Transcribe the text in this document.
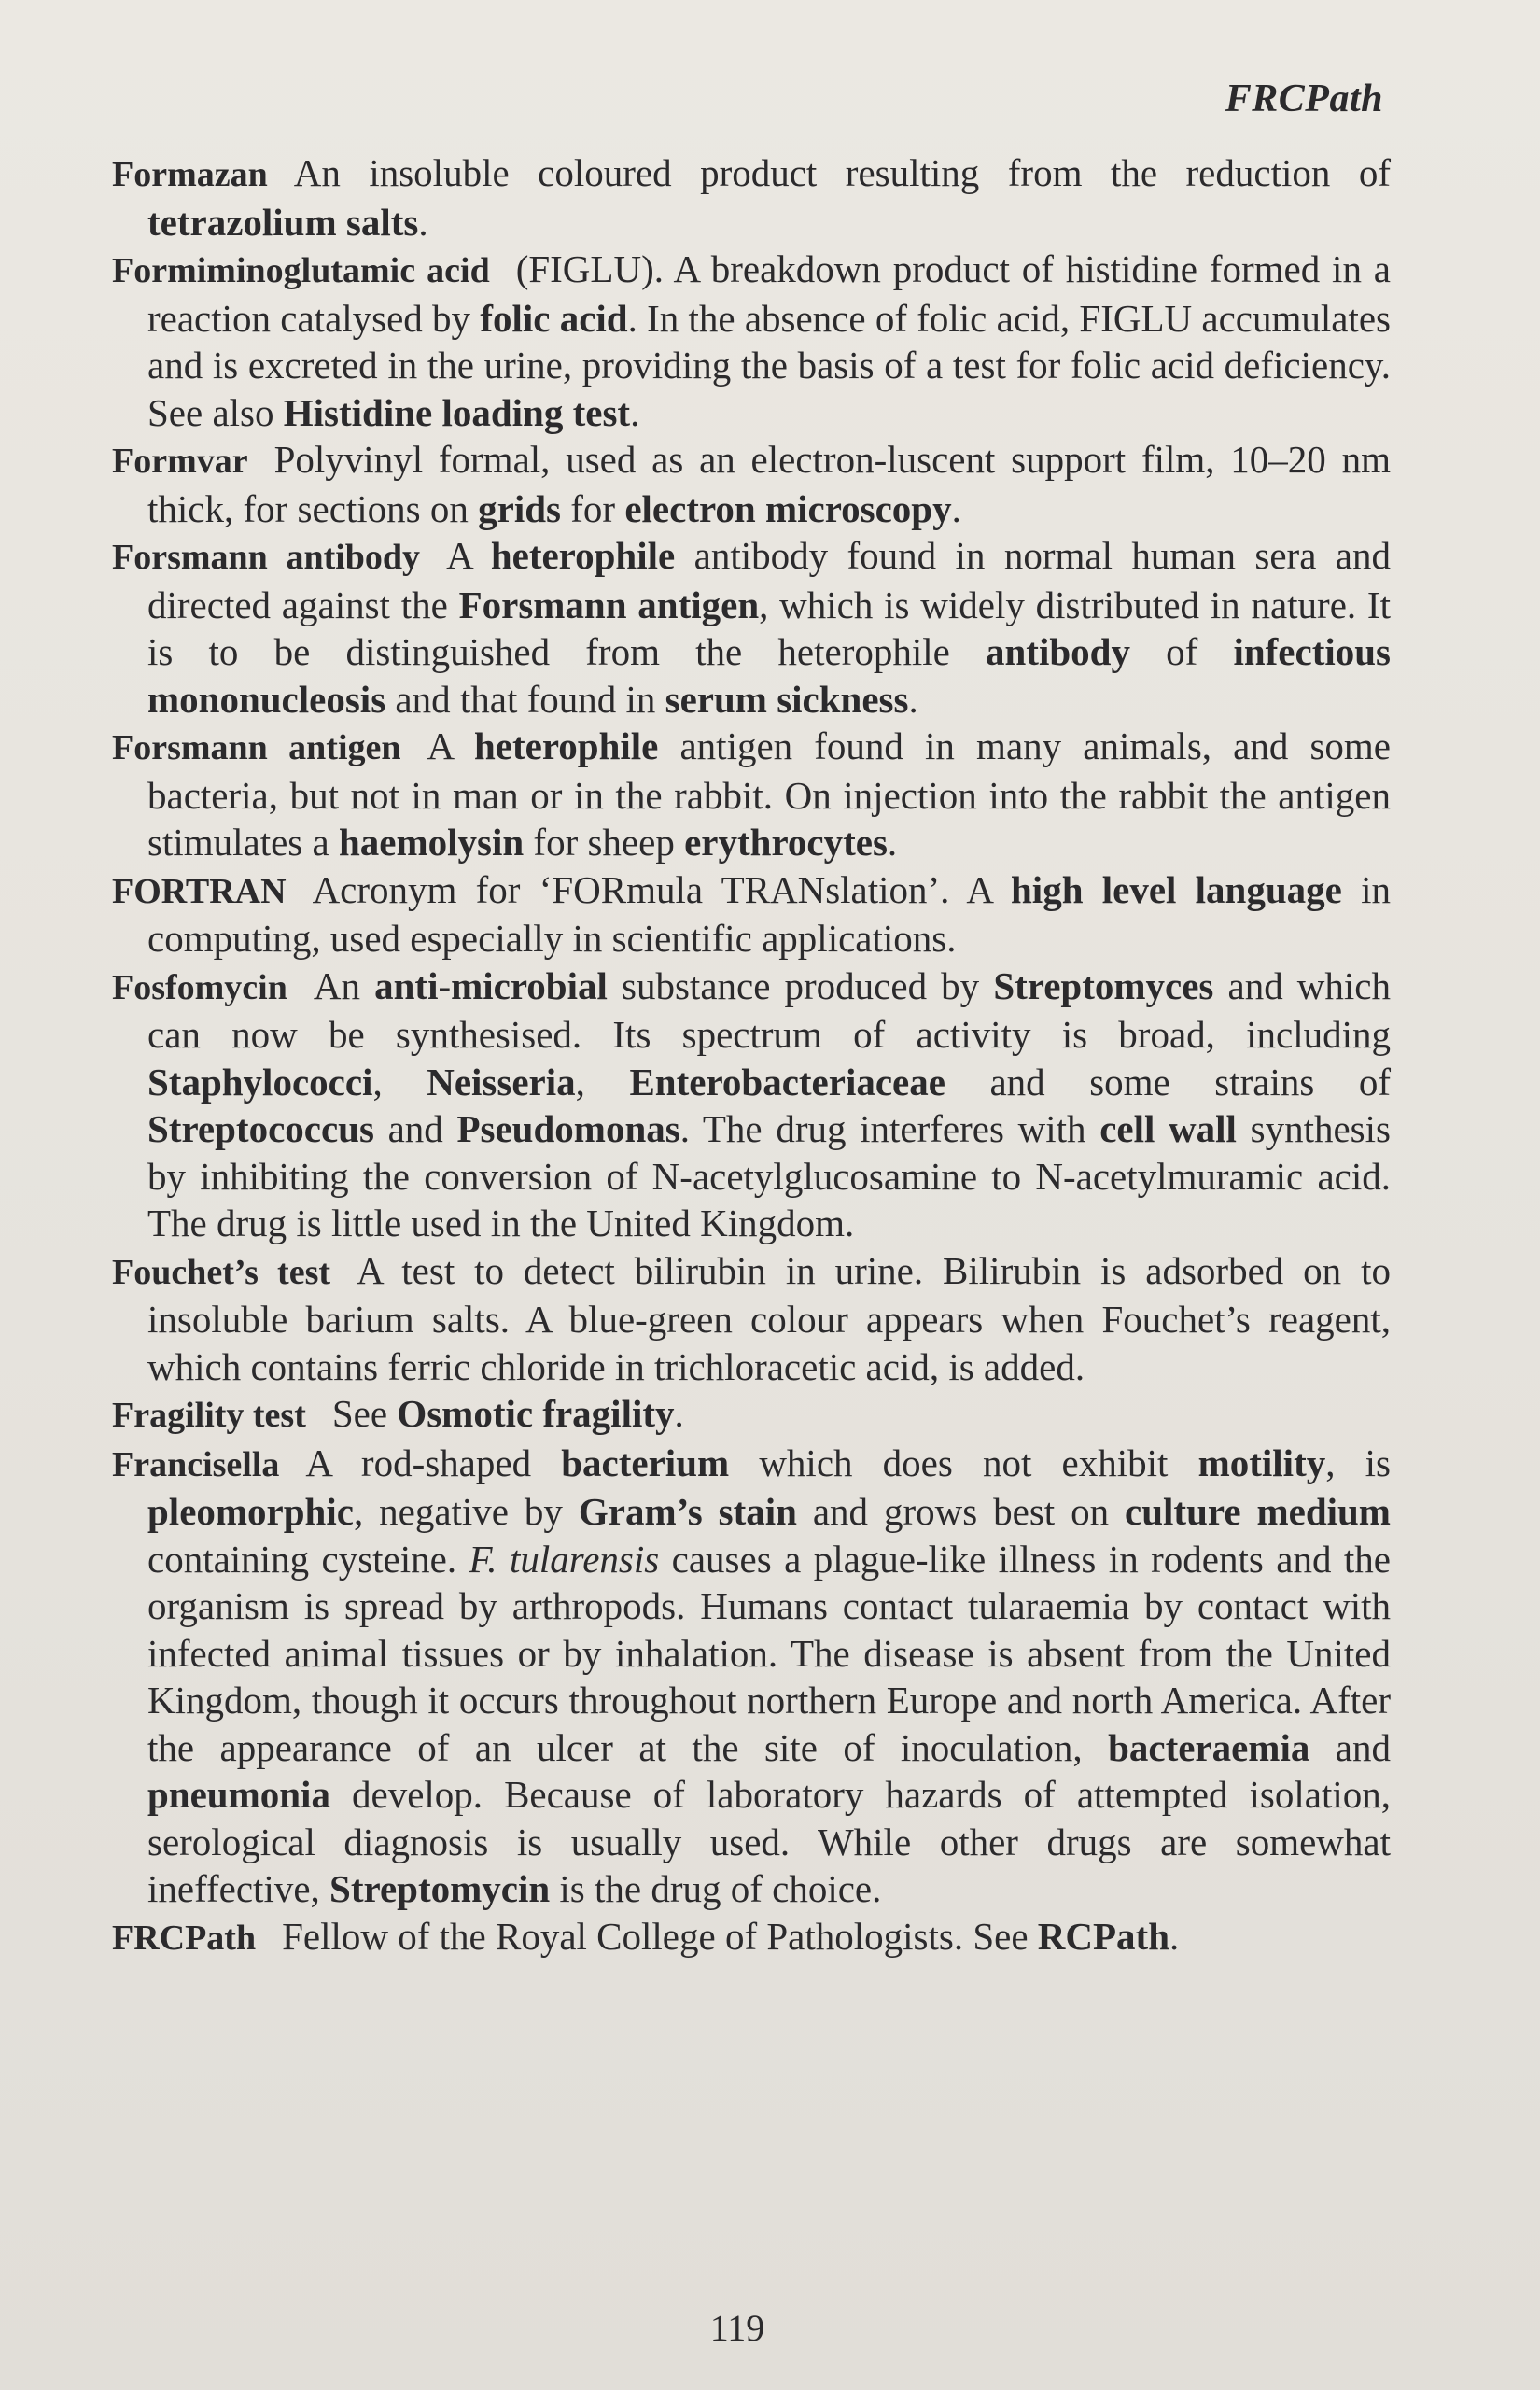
FRCPath

Formazan An insoluble coloured product resulting from the reduction of tetrazolium salts.

Formiminoglutamic acid (FIGLU). A breakdown product of histidine formed in a reaction catalysed by folic acid. In the absence of folic acid, FIGLU accumulates and is excreted in the urine, providing the basis of a test for folic acid deficiency. See also Histidine loading test.

Formvar Polyvinyl formal, used as an electron-luscent support film, 10–20 nm thick, for sections on grids for electron microscopy.

Forsmann antibody A heterophile antibody found in normal human sera and directed against the Forsmann antigen, which is widely distributed in nature. It is to be distinguished from the heterophile antibody of infectious mononucleosis and that found in serum sickness.

Forsmann antigen A heterophile antigen found in many animals, and some bacteria, but not in man or in the rabbit. On injection into the rabbit the antigen stimulates a haemolysin for sheep erythrocytes.

FORTRAN Acronym for ‘FORmula TRANslation’. A high level language in computing, used especially in scientific applications.

Fosfomycin An anti-microbial substance produced by Streptomyces and which can now be synthesised. Its spectrum of activity is broad, including Staphylococci, Neisseria, Enterobacteriaceae and some strains of Streptococcus and Pseudomonas. The drug interferes with cell wall synthesis by inhibiting the conversion of N-acetylglucosamine to N-acetylmuramic acid. The drug is little used in the United Kingdom.

Fouchet’s test A test to detect bilirubin in urine. Bilirubin is adsorbed on to insoluble barium salts. A blue-green colour appears when Fouchet’s reagent, which contains ferric chloride in trichloracetic acid, is added.

Fragility test See Osmotic fragility.

Francisella A rod-shaped bacterium which does not exhibit motility, is pleomorphic, negative by Gram’s stain and grows best on culture medium containing cysteine. F. tularensis causes a plague-like illness in rodents and the organism is spread by arthropods. Humans contact tularaemia by contact with infected animal tissues or by inhalation. The disease is absent from the United Kingdom, though it occurs throughout northern Europe and north America. After the appearance of an ulcer at the site of inoculation, bacteraemia and pneumonia develop. Because of laboratory hazards of attempted isolation, serological diagnosis is usually used. While other drugs are somewhat ineffective, Streptomycin is the drug of choice.

FRCPath Fellow of the Royal College of Pathologists. See RCPath.

119
